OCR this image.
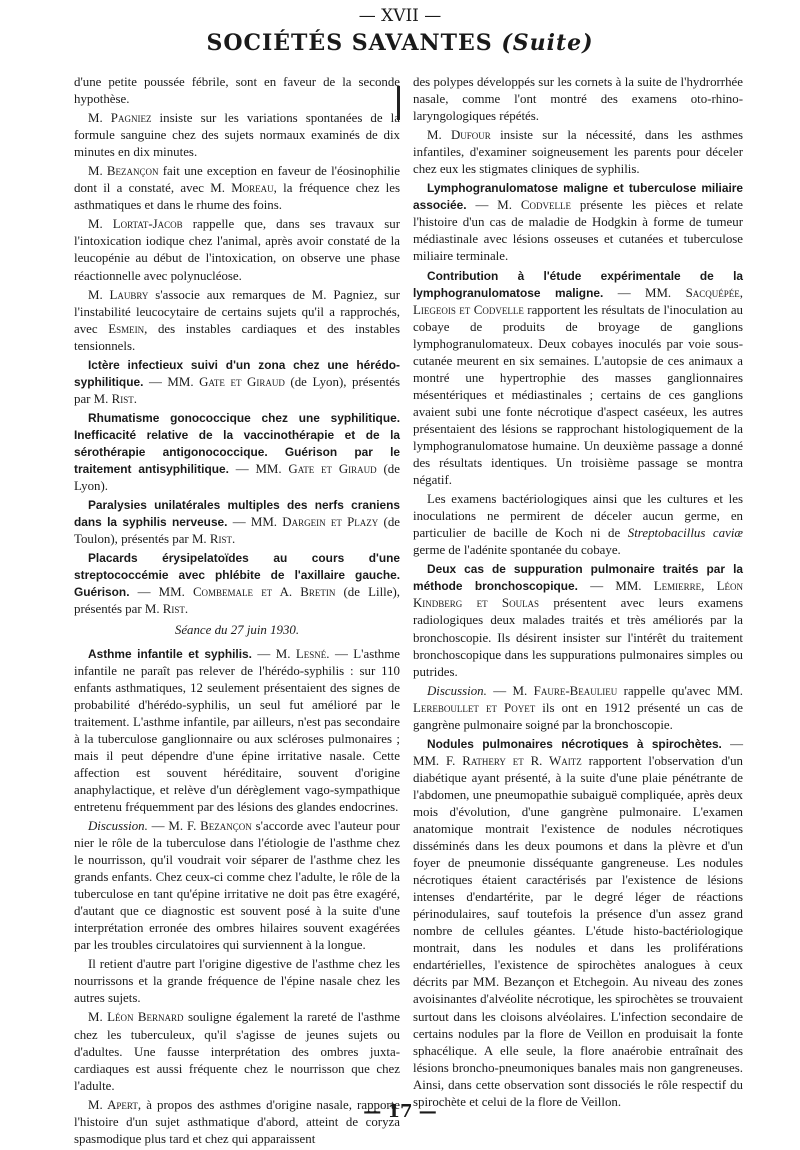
— XVII —
SOCIÉTÉS SAVANTES (Suite)

d'une petite poussée fébrile, sont en faveur de la seconde hypothèse.

M. Pagniez insiste sur les variations spontanées de la formule sanguine chez des sujets normaux examinés de dix minutes en dix minutes.

M. Bezançon fait une exception en faveur de l'éosinophilie dont il a constaté, avec M. Moreau, la fréquence chez les asthmatiques et dans le rhume des foins.

M. Lortat-Jacob rappelle que, dans ses travaux sur l'intoxication iodique chez l'animal, après avoir constaté de la leucopénie au début de l'intoxication, on observe une phase réactionnelle avec polynucléose.

M. Laubry s'associe aux remarques de M. Pagniez, sur l'instabilité leucocytaire de certains sujets qu'il a rapprochés, avec Esmein, des instables cardiaques et des instables tensionnels.

Ictère infectieux suivi d'un zona chez une hérédo-syphilitique. — MM. Gate et Giraud (de Lyon), présentés par M. Rist.

Rhumatisme gonococcique chez une syphilitique. Inefficacité relative de la vaccinothérapie et de la sérothérapie antigonococcique. Guérison par le traitement antisyphilitique. — MM. Gate et Giraud (de Lyon).

Paralysies unilatérales multiples des nerfs craniens dans la syphilis nerveuse. — MM. Dargein et Plazy (de Toulon), présentés par M. Rist.

Placards érysipelatoïdes au cours d'une streptococcémie avec phlébite de l'axillaire gauche. Guérison. — MM. Combemale et A. Bretin (de Lille), présentés par M. Rist.

Séance du 27 juin 1930.

Asthme infantile et syphilis. — M. Lesné. — L'asthme infantile ne paraît pas relever de l'hérédo-syphilis : sur 110 enfants asthmatiques, 12 seulement présentaient des signes de probabilité d'hérédo-syphilis, un seul fut amélioré par le traitement. L'asthme infantile, par ailleurs, n'est pas secondaire à la tuberculose ganglionnaire ou aux scléroses pulmonaires ; mais il peut dépendre d'une épine irritative nasale. Cette affection est souvent héréditaire, souvent d'origine anaphylactique, et relève d'un dérèglement vago-sympathique entretenu fréquemment par des lésions des glandes endocrines.

Discussion. — M. F. Bezançon s'accorde avec l'auteur pour nier le rôle de la tuberculose dans l'étiologie de l'asthme chez le nourrisson, qu'il voudrait voir séparer de l'asthme chez les grands enfants. Chez ceux-ci comme chez l'adulte, le rôle de la tuberculose en tant qu'épine irritative ne doit pas être exagéré, d'autant que ce diagnostic est souvent posé à la suite d'une interprétation erronée des ombres hilaires souvent exagérées par les troubles circulatoires qui surviennent à la longue.

Il retient d'autre part l'origine digestive de l'asthme chez les nourrissons et la grande fréquence de l'épine nasale chez les autres sujets.

M. Léon Bernard souligne également la rareté de l'asthme chez les tuberculeux, qu'il s'agisse de jeunes sujets ou d'adultes. Une fausse interprétation des ombres juxta-cardiaques est aussi fréquente chez le nourrisson que chez l'adulte.

M. Apert, à propos des asthmes d'origine nasale, rapporte l'histoire d'un sujet asthmatique d'abord, atteint de coryza spasmodique plus tard et chez qui apparaissent

des polypes développés sur les cornets à la suite de l'hydrorrhée nasale, comme l'ont montré des examens oto-rhino-laryngologiques répétés.

M. Dufour insiste sur la nécessité, dans les asthmes infantiles, d'examiner soigneusement les parents pour déceler chez eux les stigmates cliniques de syphilis.

Lymphogranulomatose maligne et tuberculose miliaire associée. — M. Codvelle présente les pièces et relate l'histoire d'un cas de maladie de Hodgkin à forme de tumeur médiastinale avec lésions osseuses et cutanées et tuberculose miliaire terminale.

Contribution à l'étude expérimentale de la lymphogranulomatose maligne. — MM. Sacquépée, Liegeois et Codvelle rapportent les résultats de l'inoculation au cobaye de produits de broyage de ganglions lymphogranulomateux. Deux cobayes inoculés par voie sous-cutanée meurent en six semaines. L'autopsie de ces animaux a montré une hypertrophie des masses ganglionnaires mésentériques et médiastinales ; certains de ces ganglions avaient subi une fonte nécrotique d'aspect caséeux, les autres présentaient des lésions se rapprochant histologiquement de la lymphogranulomatose humaine. Un deuxième passage a donné des résultats identiques. Un troisième passage se montra négatif.

Les examens bactériologiques ainsi que les cultures et les inoculations ne permirent de déceler aucun germe, en particulier de bacille de Koch ni de Streptobacillus caviæ germe de l'adénite spontanée du cobaye.

Deux cas de suppuration pulmonaire traités par la méthode bronchoscopique. — MM. Lemierre, Léon Kindberg et Soulas présentent avec leurs examens radiologiques deux malades traités et très améliorés par la bronchoscopie. Ils désirent insister sur l'intérêt du traitement bronchoscopique dans les suppurations pulmonaires simples ou putrides.

Discussion. — M. Faure-Beaulieu rappelle qu'avec MM. Lereboullet et Poyet ils ont en 1912 présenté un cas de gangrène pulmonaire soigné par la bronchoscopie.

Nodules pulmonaires nécrotiques à spirochètes. — MM. F. Rathery et R. Waitz rapportent l'observation d'un diabétique ayant présenté, à la suite d'une plaie pénétrante de l'abdomen, une pneumopathie subaiguë compliquée, après deux mois d'évolution, d'une gangrène pulmonaire. L'examen anatomique montrait l'existence de nodules nécrotiques disséminés dans les deux poumons et dans la plèvre et d'un foyer de pneumonie disséquante gangreneuse. Les nodules nécrotiques étaient caractérisés par l'existence de lésions intenses d'endartérite, par le degré léger de réactions périnodulaires, sauf toutefois la présence d'un assez grand nombre de cellules géantes. L'étude histo-bactériologique montrait, dans les nodules et dans les proliférations endartérielles, l'existence de spirochètes analogues à ceux décrits par MM. Bezançon et Etchegoin. Au niveau des zones avoisinantes d'alvéolite nécrotique, les spirochètes se trouvaient surtout dans les cloisons alvéolaires. L'infection secondaire de certains nodules par la flore de Veillon en produisait la fonte sphacélique. A elle seule, la flore anaérobie entraînait des lésions broncho-pneumoniques banales mais non gangreneuses. Ainsi, dans cette observation sont dissociés le rôle respectif du spirochète et celui de la flore de Veillon.

— 17 —
